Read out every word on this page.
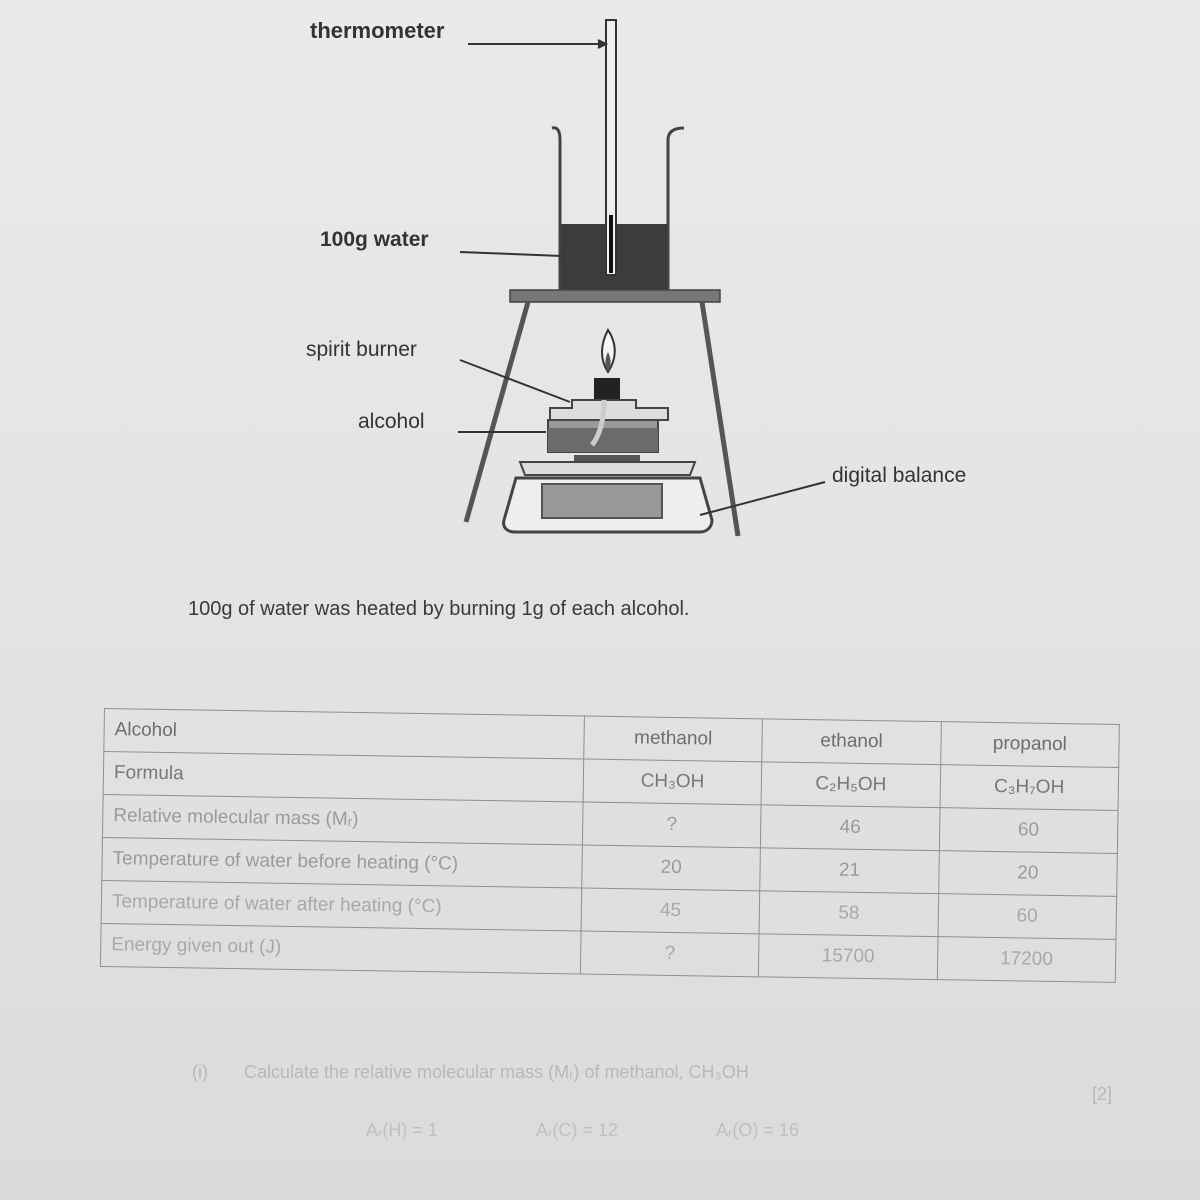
thermometer
100g water
spirit burner
alcohol
digital balance
100g of water was heated by burning 1g of each alcohol.
Alcohol	methanol	ethanol	propanol
Formula	CH₃OH	C₂H₅OH	C₃H₇OH
Relative molecular mass (Mᵣ)	?	46	60
Temperature of water before heating (°C)	20	21	20
Temperature of water after heating (°C)	45	58	60
Energy given out (J)	?	15700	17200
(i) Calculate the relative molecular mass (Mᵣ) of methanol, CH₃OH
[2]
Aᵣ(H) = 1	Aᵣ(C) = 12	Aᵣ(O) = 16
